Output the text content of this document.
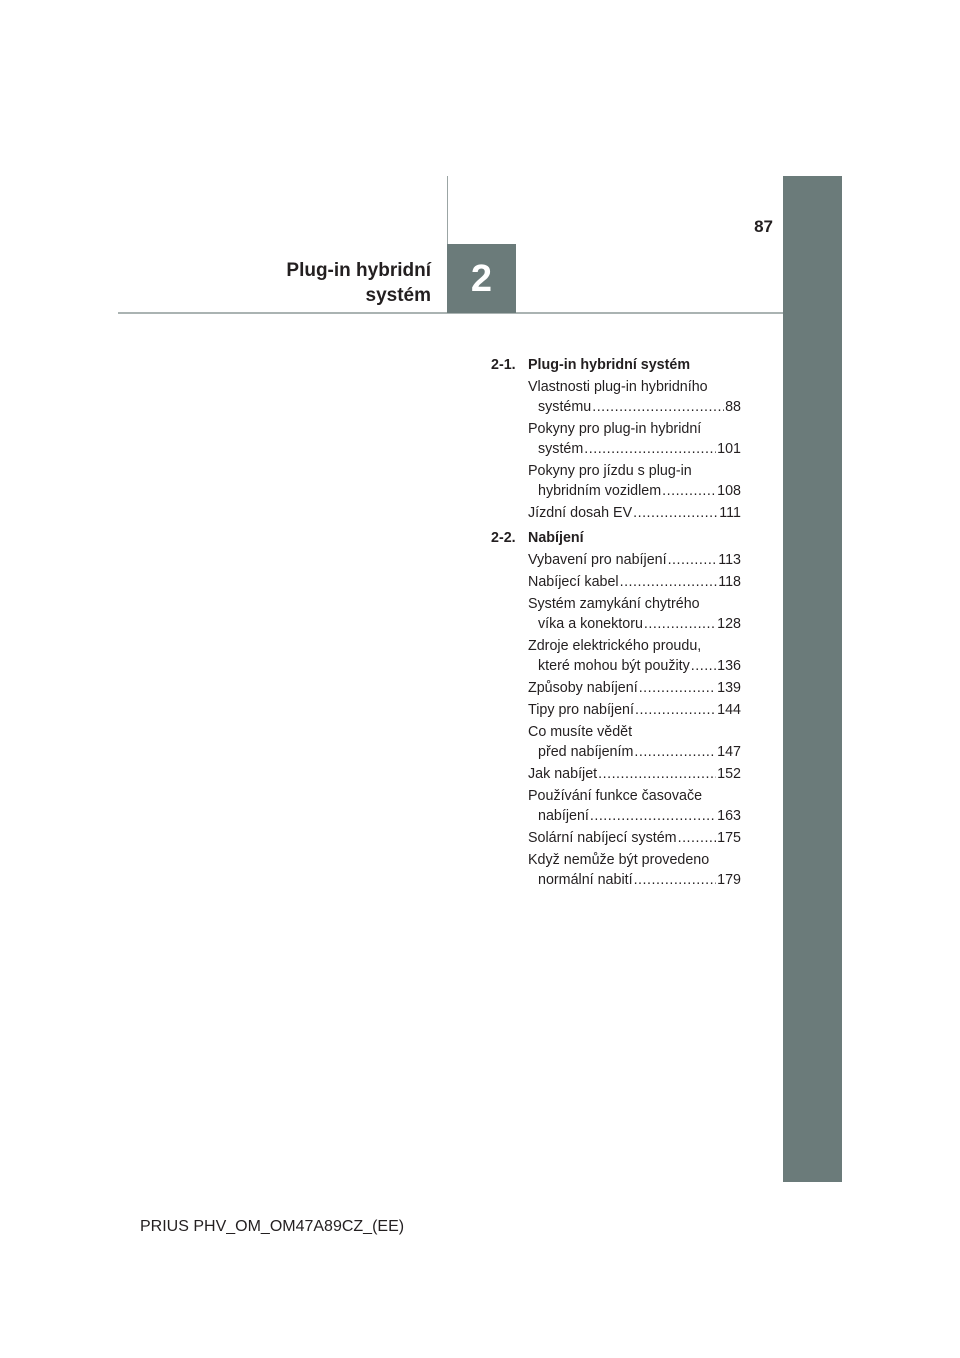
87
Plug-in hybridní
systém 2
2-1. Plug-in hybridní systém
Vlastnosti plug-in hybridního
systému .....	88
Pokyny pro plug-in hybridní
systém .....	101
Pokyny pro jízdu s plug-in
hybridním vozidlem .....	108
Jízdní dosah EV .....	111
2-2. Nabíjení
Vybavení pro nabíjení .....	113
Nabíjecí kabel .....	118
Systém zamykání chytrého
víka a konektoru .....	128
Zdroje elektrického proudu,
které mohou být použity ..... 136
Způsoby nabíjení .....	139
Tipy pro nabíjení .....	144
Co musíte vědět
před nabíjením .....	147
Jak nabíjet .....	152
Používání funkce časovače
nabíjení .....	163
Solární nabíjecí systém .....	175
Když nemůže být provedeno
normální nabití .....	179
PRIUS PHV_OM_OM47A89CZ_(EE)
